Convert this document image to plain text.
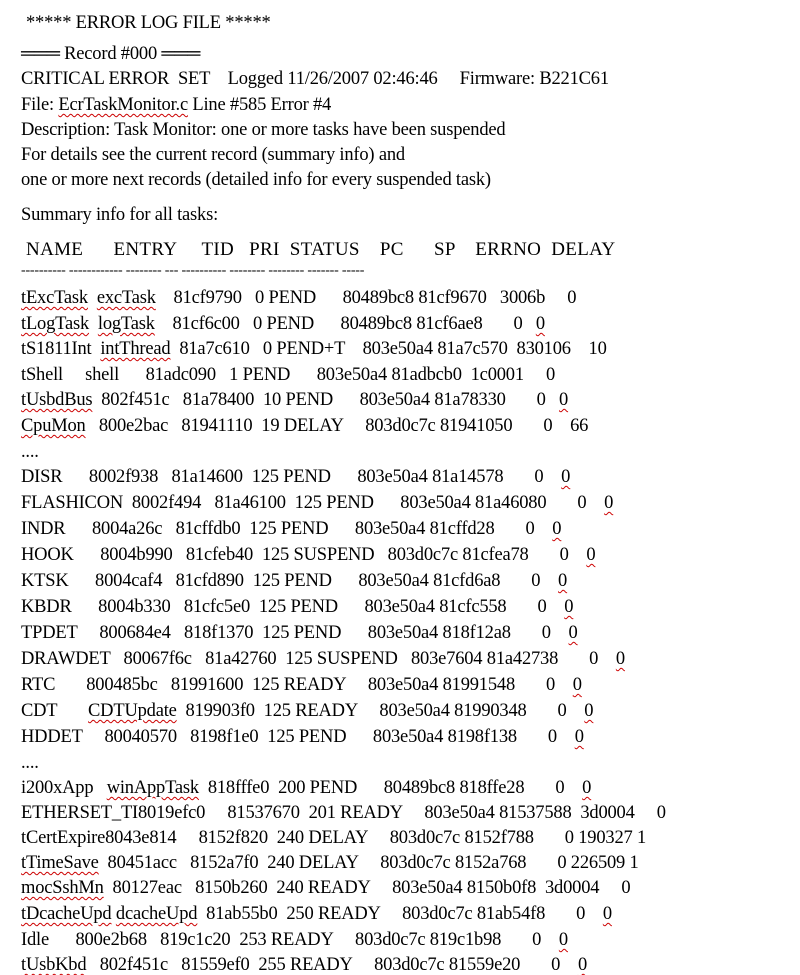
***** ERROR LOG FILE *****
═══ Record #000 ═══
CRITICAL ERROR  SET    Logged 11/26/2007 02:46:46     Firmware: B221C61
File: EcrTaskMonitor.c Line #585 Error #4
Description: Task Monitor: one or more tasks have been suspended
For details see the current record (summary info) and
one or more next records (detailed info for every suspended task)
Summary info for all tasks:
NAME      ENTRY     TID   PRI  STATUS    PC      SP    ERRNO  DELAY
---------- ------------ -------- --- ---------- -------- -------- ------- -----
tExcTask excTask    81cf9790   0 PEND      80489bc8 81cf9670   3006b     0
tLogTask logTask    81cf6c00   0 PEND      80489bc8 81cf6ae8       0   0
tS1811Int  intThread  81a7c610   0 PEND+T    803e50a4 81a7c570  830106    10
tShell     shell      81adc090   1 PEND      803e50a4 81adbcb0  1c0001     0
tUsbdBus  802f451c   81a78400  10 PEND      803e50a4 81a78330       0   0
CpuMon   800e2bac   81941110  19 DELAY     803d0c7c 81941050       0    66
....
DISR      8002f938   81a14600  125 PEND      803e50a4 81a14578       0    0
FLASHICON  8002f494   81a46100  125 PEND      803e50a4 81a46080       0    0
INDR      8004a26c   81cffdb0  125 PEND      803e50a4 81cffd28       0    0
HOOK      8004b990   81cfeb40  125 SUSPEND   803d0c7c 81cfea78       0    0
KTSK      8004caf4   81cfd890  125 PEND      803e50a4 81cfd6a8       0    0
KBDR      8004b330   81cfc5e0  125 PEND      803e50a4 81cfc558       0    0
TPDET     800684e4   818f1370  125 PEND      803e50a4 818f12a8       0    0
DRAWDET   80067f6c   81a42760  125 SUSPEND   803e7604 81a42738       0    0
RTC       800485bc   81991600  125 READY     803e50a4 81991548       0    0
CDT       CDTUpdate  819903f0  125 READY     803e50a4 81990348       0    0
HDDET     80040570   8198f1e0  125 PEND      803e50a4 8198f138       0    0
....
i200xApp   winAppTask  818fffe0  200 PEND      80489bc8 818ffe28       0    0
ETHERSET_TI8019efc0     81537670  201 READY     803e50a4 81537588  3d0004     0
tCertExpire8043e814     8152f820  240 DELAY     803d0c7c 8152f788       0 190327 1
tTimeSave  80451acc   8152a7f0  240 DELAY     803d0c7c 8152a768       0 226509 1
mocSshMn  80127eac   8150b260  240 READY     803e50a4 8150b0f8  3d0004     0
tDcacheUpd dcacheUpd  81ab55b0  250 READY     803d0c7c 81ab54f8       0    0
Idle      800e2b68   819c1c20  253 READY     803d0c7c 819c1b98       0    0
tUsbKbd   802f451c   81559ef0  255 READY     803d0c7c 81559e20       0    0
